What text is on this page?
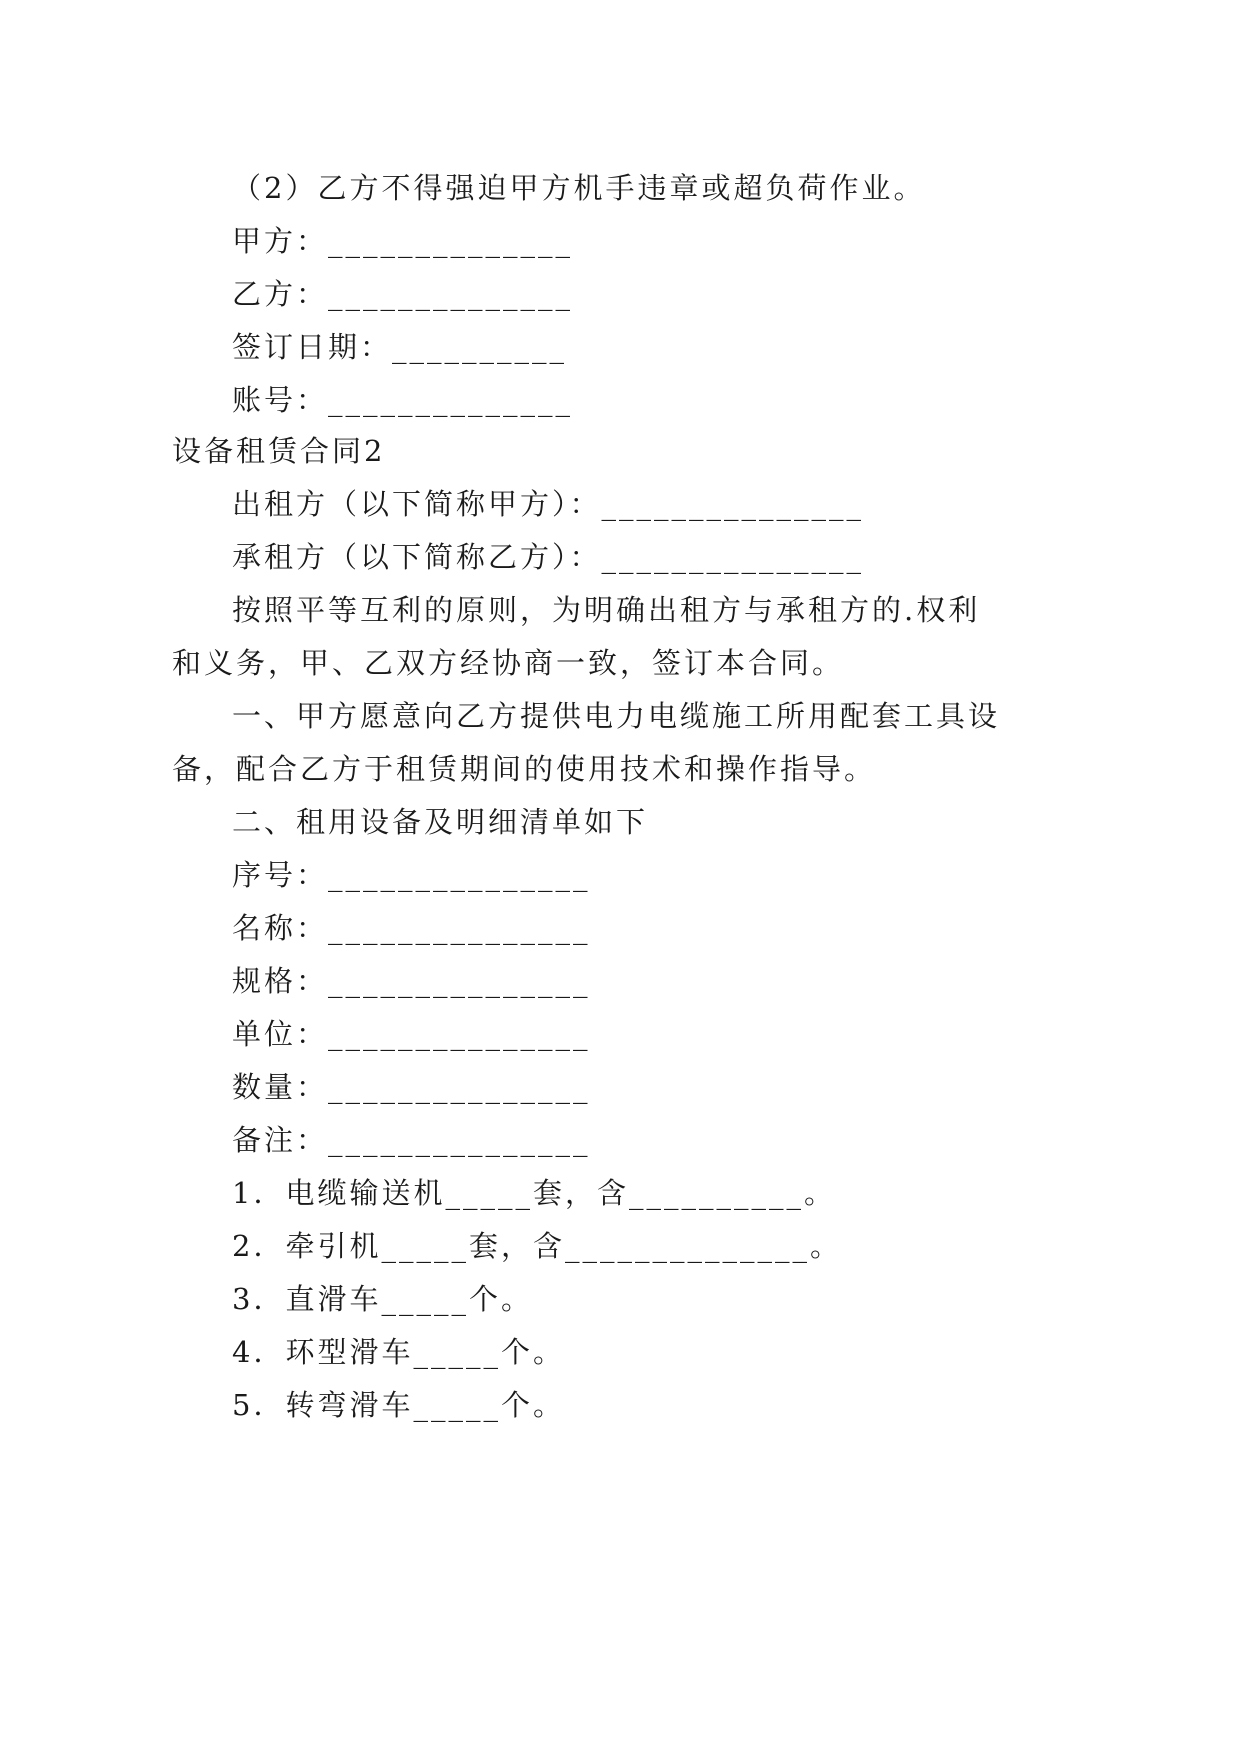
（2）乙方不得强迫甲方机手违章或超负荷作业。
甲方：______________
乙方：______________
签订日期：__________
账号：______________
设备租赁合同2
出租方（以下简称甲方）：_______________
承租方（以下简称乙方）：_______________
按照平等互利的原则，为明确出租方与承租方的.权利
和义务，甲、乙双方经协商一致，签订本合同。
一、甲方愿意向乙方提供电力电缆施工所用配套工具设
备，配合乙方于租赁期间的使用技术和操作指导。
二、租用设备及明细清单如下
序号：_______________
名称：_______________
规格：_______________
单位：_______________
数量：_______________
备注：_______________
1．电缆输送机_____套，含__________。
2．牵引机_____套，含______________。
3．直滑车_____个。
4．环型滑车_____个。
5．转弯滑车_____个。
